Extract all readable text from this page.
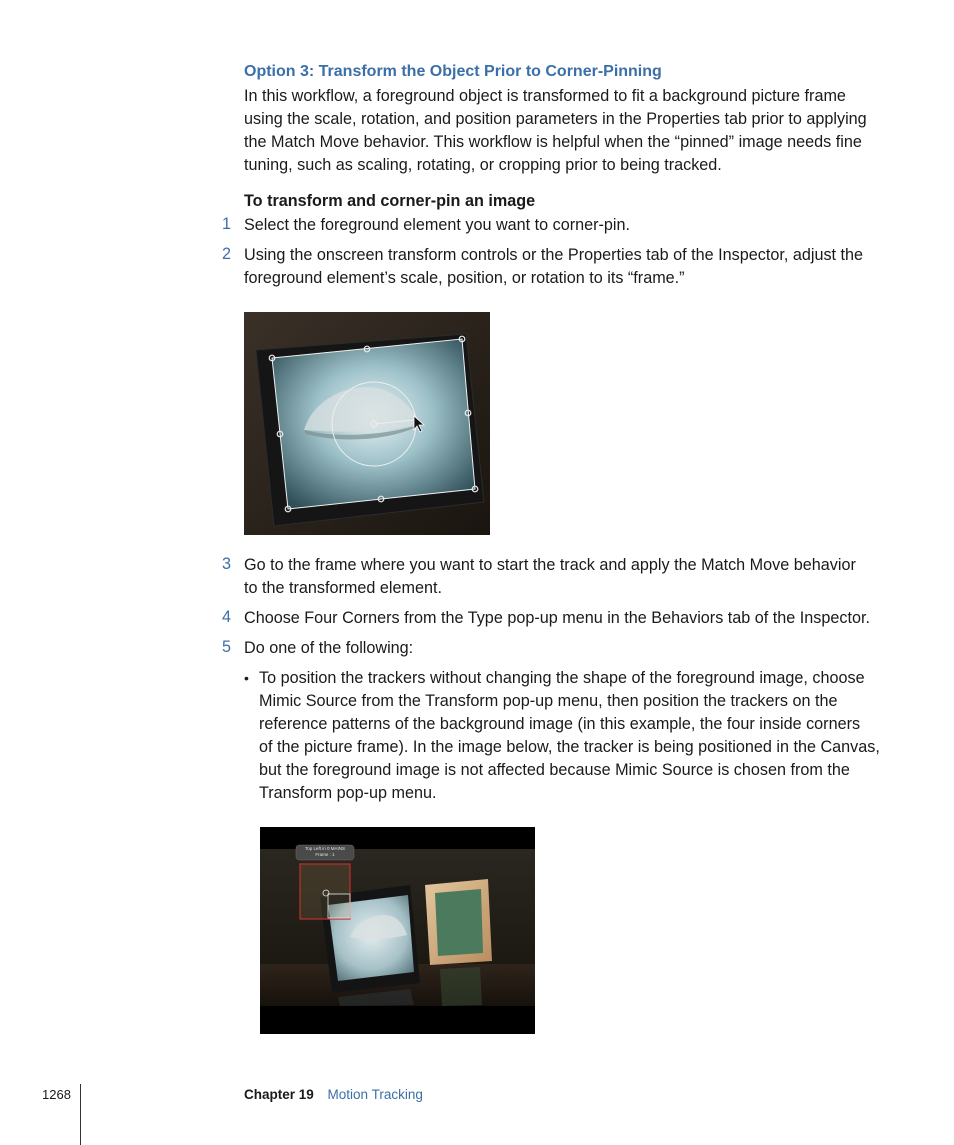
Option 3: Transform the Object Prior to Corner-Pinning
In this workflow, a foreground object is transformed to fit a background picture frame
using the scale, rotation, and position parameters in the Properties tab prior to applying
the Match Move behavior. This workflow is helpful when the “pinned” image needs fine
tuning, such as scaling, rotating, or cropping prior to being tracked.
To transform and corner-pin an image
1 Select the foreground element you want to corner-pin.
2 Using the onscreen transform controls or the Properties tab of the Inspector, adjust the
foreground element’s scale, position, or rotation to its “frame.”
3 Go to the frame where you want to start the track and apply the Match Move behavior
to the transformed element.
4 Choose Four Corners from the Type pop-up menu in the Behaviors tab of the Inspector.
5 Do one of the following:
• To position the trackers without changing the shape of the foreground image, choose
Mimic Source from the Transform pop-up menu, then position the trackers on the
reference patterns of the background image (in this example, the four inside corners
of the picture frame). In the image below, the tracker is being positioned in the Canvas,
but the foreground image is not affected because Mimic Source is chosen from the
Transform pop-up menu.
Top Left in 0 MAINS
Frame : 1
1268	Chapter 19 Motion Tracking
